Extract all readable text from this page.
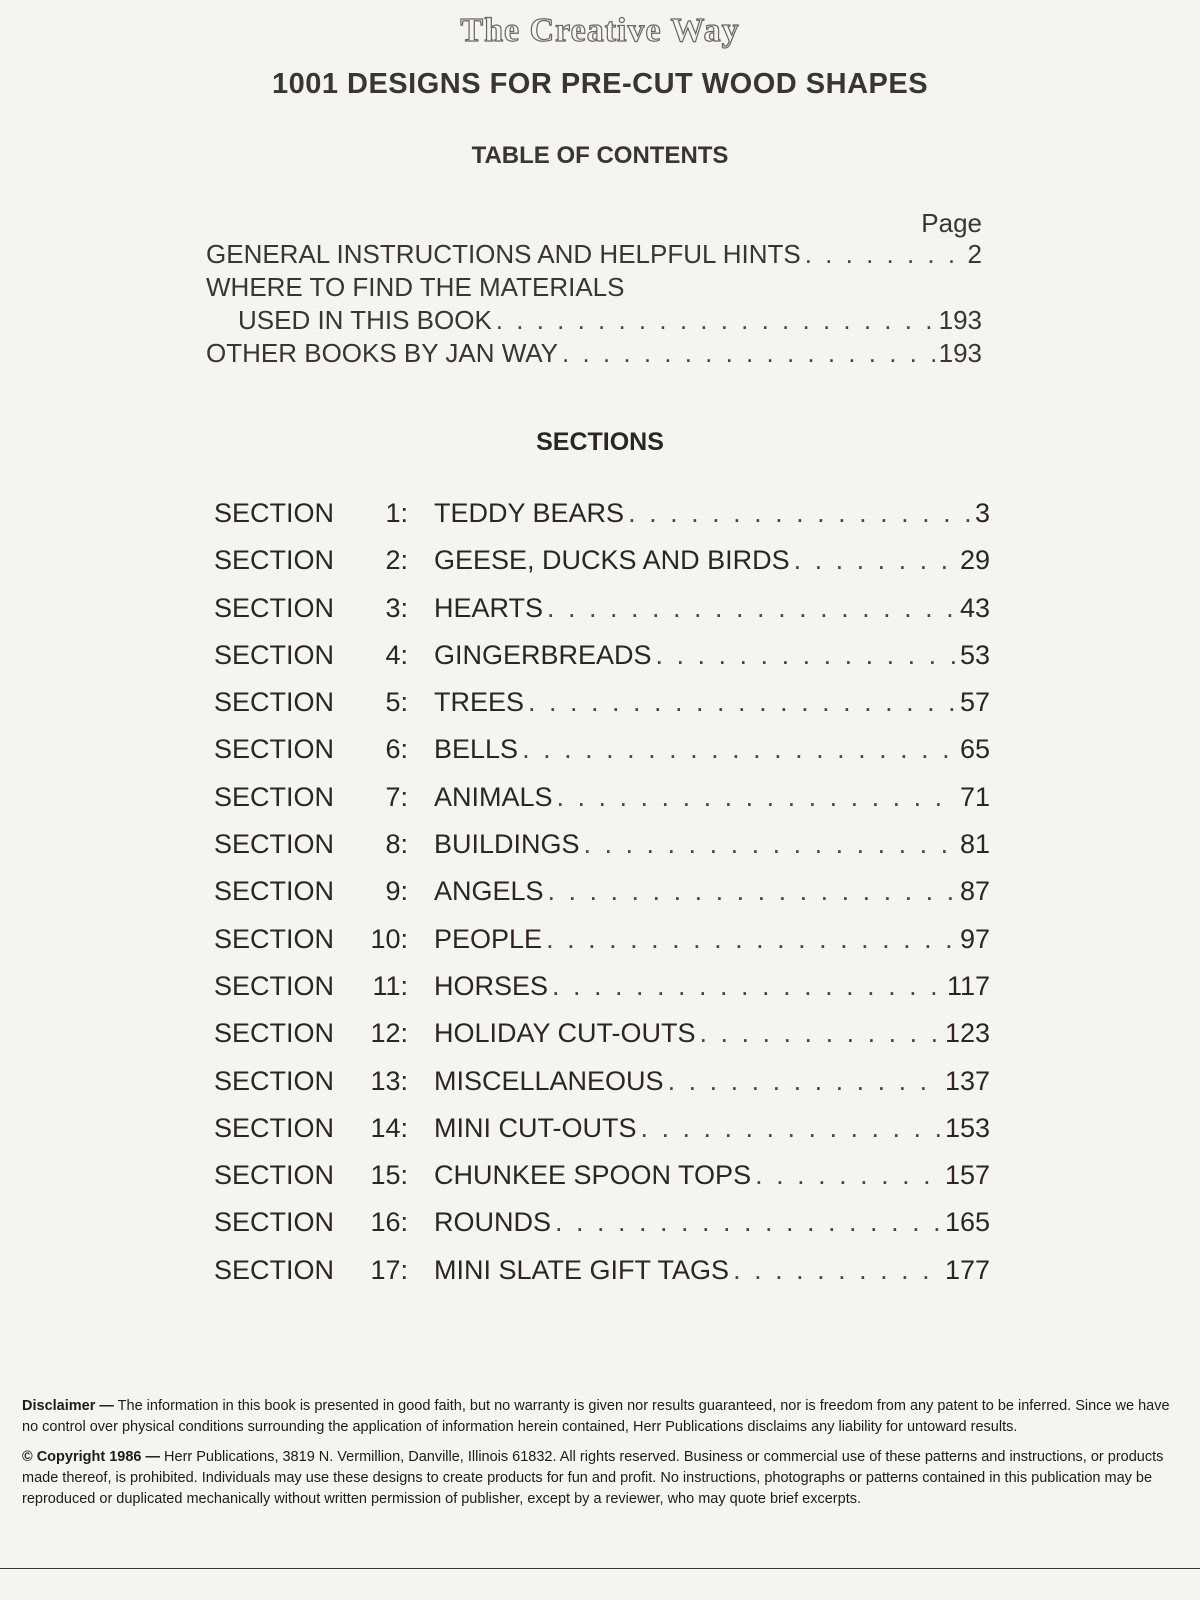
The Creative Way
1001 DESIGNS FOR PRE-CUT WOOD SHAPES
TABLE OF CONTENTS
Page
GENERAL INSTRUCTIONS AND HELPFUL HINTS . . .	2
WHERE TO FIND THE MATERIALS
USED IN THIS BOOK . . .	193
OTHER BOOKS BY JAN WAY . . .	193
SECTIONS
SECTION	1: TEDDY BEARS . . .	3
SECTION	2: GEESE, DUCKS AND BIRDS . . .	29
SECTION	3: HEARTS . . .	43
SECTION	4: GINGERBREADS . . .	53
SECTION	5: TREES . . .	57
SECTION	6: BELLS . . .	65
SECTION	7: ANIMALS . . .	71
SECTION	8: BUILDINGS . . .	81
SECTION	9: ANGELS . . .	87
SECTION	10: PEOPLE . . .	97
SECTION	11: HORSES . . .	117
SECTION	12: HOLIDAY CUT-OUTS . . .	123
SECTION	13: MISCELLANEOUS . . .	137
SECTION	14: MINI CUT-OUTS . . .	153
SECTION	15: CHUNKEE SPOON TOPS . . .	157
SECTION	16: ROUNDS . . .	165
SECTION	17: MINI SLATE GIFT TAGS . . .	177

Disclaimer — The information in this book is presented in good faith, but no warranty is given nor results guaranteed, nor is freedom from any patent to be inferred. Since we have no control over physical conditions surrounding the application of information herein contained, Herr Publications disclaims any liability for untoward results.

© Copyright 1986 — Herr Publications, 3819 N. Vermillion, Danville, Illinois 61832. All rights reserved. Business or commercial use of these patterns and instructions, or products made thereof, is prohibited. Individuals may use these designs to create products for fun and profit. No instructions, photographs or patterns contained in this publication may be reproduced or duplicated mechanically without written permission of publisher, except by a reviewer, who may quote brief excerpts.
